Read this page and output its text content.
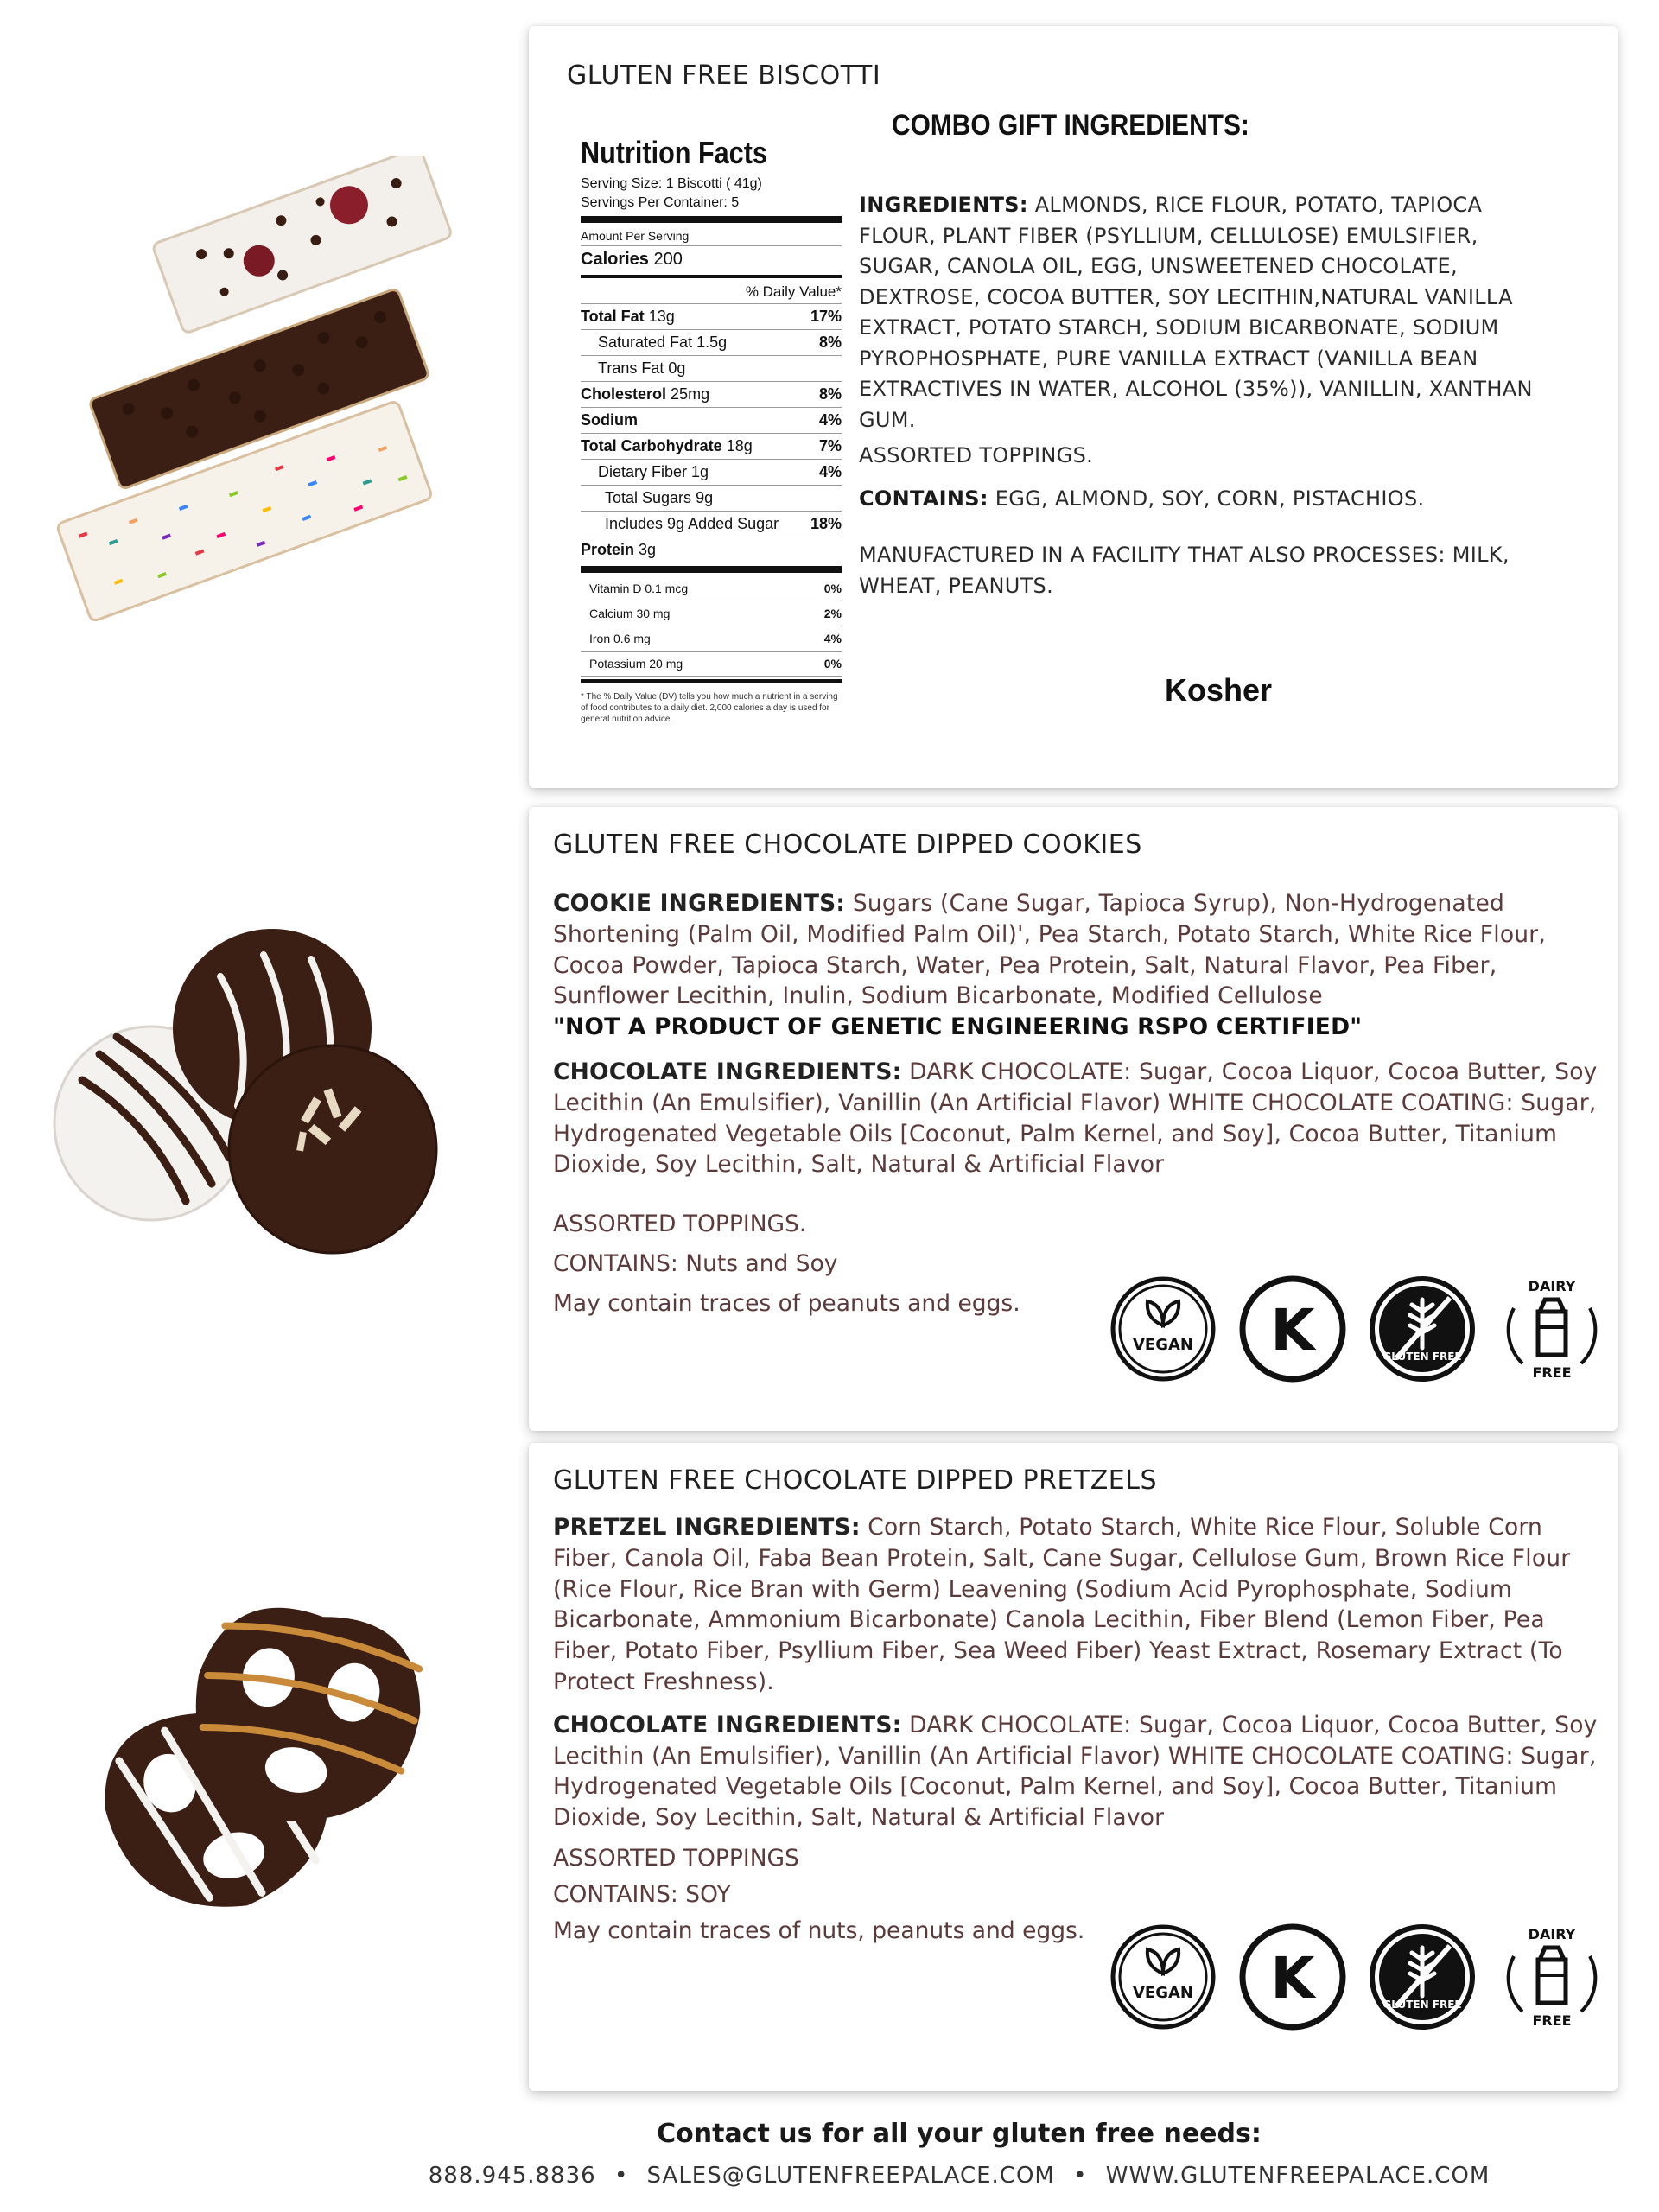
GLUTEN FREE BISCOTTI
Nutrition Facts
Serving Size: 1 Biscotti ( 41g)
Servings Per Container: 5
Amount Per Serving
Calories 200
% Daily Value*
Total Fat 13g	17%
Saturated Fat 1.5g	8%
Trans Fat 0g
Cholesterol 25mg	8%
Sodium	4%
Total Carbohydrate 18g	7%
Dietary Fiber 1g	4%
Total Sugars 9g
Includes 9g Added Sugar 18%
Protein 3g
Vitamin D 0.1 mcg	0%
Calcium 30 mg	2%
Iron 0.6 mg	4%
Potassium 20 mg	0%
* The % Daily Value (DV) tells you how much a nutrient in a serving of food contributes to a daily diet. 2,000 calories a day is used for general nutrition advice.
COMBO GIFT INGREDIENTS:

INGREDIENTS: ALMONDS, RICE FLOUR, POTATO, TAPIOCA FLOUR, PLANT FIBER (PSYLLIUM, CELLULOSE) EMULSIFIER, SUGAR, CANOLA OIL, EGG, UNSWEETENED CHOCOLATE, DEXTROSE, COCOA BUTTER, SOY LECITHIN,NATURAL VANILLA EXTRACT, POTATO STARCH, SODIUM BICARBONATE, SODIUM PYROPHOSPHATE, PURE VANILLA EXTRACT (VANILLA BEAN EXTRACTIVES IN WATER, ALCOHOL (35%)), VANILLIN, XANTHAN GUM.

ASSORTED TOPPINGS.

CONTAINS: EGG, ALMOND, SOY, CORN, PISTACHIOS.

MANUFACTURED IN A FACILITY THAT ALSO PROCESSES: MILK, WHEAT, PEANUTS.

Kosher
GLUTEN FREE CHOCOLATE DIPPED COOKIES

COOKIE INGREDIENTS: Sugars (Cane Sugar, Tapioca Syrup), Non-Hydrogenated Shortening (Palm Oil, Modified Palm Oil)', Pea Starch, Potato Starch, White Rice Flour, Cocoa Powder, Tapioca Starch, Water, Pea Protein, Salt, Natural Flavor, Pea Fiber, Sunflower Lecithin, Inulin, Sodium Bicarbonate, Modified Cellulose
"NOT A PRODUCT OF GENETIC ENGINEERING RSPO CERTIFIED"

CHOCOLATE INGREDIENTS: DARK CHOCOLATE: Sugar, Cocoa Liquor, Cocoa Butter, Soy Lecithin (An Emulsifier), Vanillin (An Artificial Flavor) WHITE CHOCOLATE COATING: Sugar, Hydrogenated Vegetable Oils [Coconut, Palm Kernel, and Soy], Cocoa Butter, Titanium Dioxide, Soy Lecithin, Salt, Natural & Artificial Flavor

ASSORTED TOPPINGS.
CONTAINS: Nuts and Soy
May contain traces of peanuts and eggs.
VEGAN K	GLUTEN FREE
DAIRY
FREE
GLUTEN FREE CHOCOLATE DIPPED PRETZELS

PRETZEL INGREDIENTS: Corn Starch, Potato Starch, White Rice Flour, Soluble Corn Fiber, Canola Oil, Faba Bean Protein, Salt, Cane Sugar, Cellulose Gum, Brown Rice Flour (Rice Flour, Rice Bran with Germ) Leavening (Sodium Acid Pyrophosphate, Sodium Bicarbonate, Ammonium Bicarbonate) Canola Lecithin, Fiber Blend (Lemon Fiber, Pea Fiber, Potato Fiber, Psyllium Fiber, Sea Weed Fiber) Yeast Extract, Rosemary Extract (To Protect Freshness).

CHOCOLATE INGREDIENTS: DARK CHOCOLATE: Sugar, Cocoa Liquor, Cocoa Butter, Soy Lecithin (An Emulsifier), Vanillin (An Artificial Flavor) WHITE CHOCOLATE COATING: Sugar, Hydrogenated Vegetable Oils [Coconut, Palm Kernel, and Soy], Cocoa Butter, Titanium Dioxide, Soy Lecithin, Salt, Natural & Artificial Flavor

ASSORTED TOPPINGS
CONTAINS: SOY
May contain traces of nuts, peanuts and eggs.
VEGAN K	GLUTEN FREE
DAIRY
FREE
Contact us for all your gluten free needs:
888.945.8836 • SALES@GLUTENFREEPALACE.COM • WWW.GLUTENFREEPALACE.COM
